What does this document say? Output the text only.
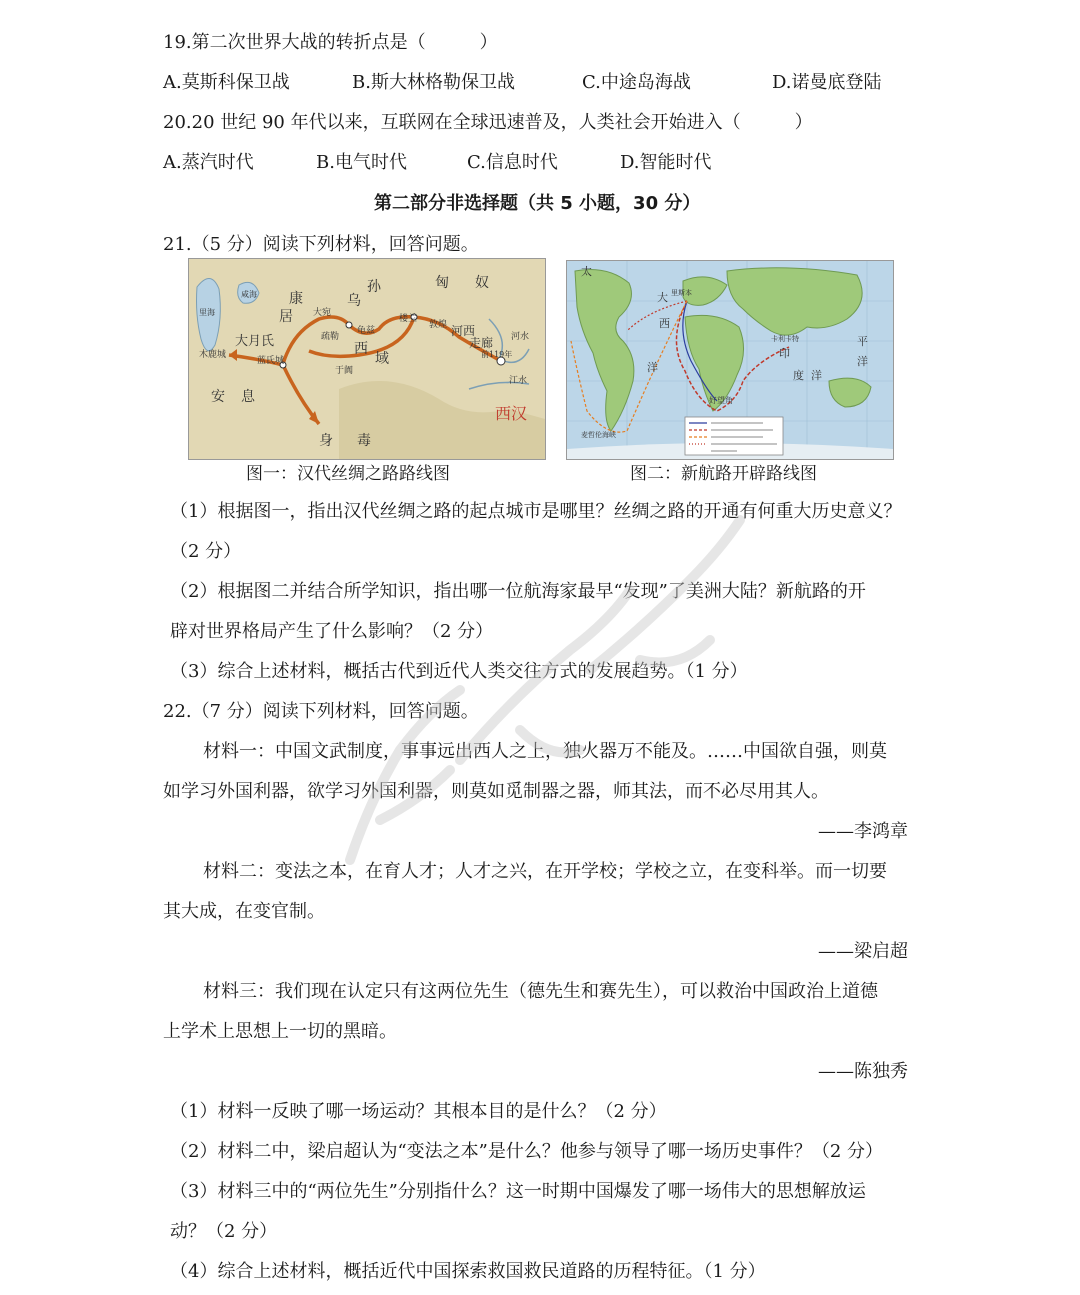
19.第二次世界大战的转折点是（　　　）
A.莫斯科保卫战	B.斯大林格勒保卫战	C.中途岛海战	D.诺曼底登陆
20.20 世纪 90 年代以来，互联网在全球迅速普及，人类社会开始进入（　　　）
A.蒸汽时代	B.电气时代	C.信息时代	D.智能时代
第二部分非选择题（共 5 小题，30 分）
21.（5 分）阅读下列材料，回答问题。
匈 奴
康
居
乌
孙
大宛
大月氏
龟兹
疏勒
楼兰
敦煌 河西
走廊
西
域
于阗
蓝氏城
木鹿城
安 息
身 毒
西汉
前119年
江水
河水
咸海
里海
图一：汉代丝绸之路路线图
大
西
洋
印
度 洋
太
平
洋
好望角
卡利卡特
里斯本
麦哲伦海峡
图二：新航路开辟路线图
（1）根据图一，指出汉代丝绸之路的起点城市是哪里？丝绸之路的开通有何重大历史意义？
（2 分）
（2）根据图二并结合所学知识，指出哪一位航海家最早“发现”了美洲大陆？新航路的开
辟对世界格局产生了什么影响？（2 分）
（3）综合上述材料，概括古代到近代人类交往方式的发展趋势。（1 分）
22.（7 分）阅读下列材料，回答问题。
材料一：中国文武制度，事事远出西人之上，独火器万不能及。……中国欲自强，则莫
如学习外国利器，欲学习外国利器，则莫如觅制器之器，师其法，而不必尽用其人。
——李鸿章
材料二：变法之本，在育人才；人才之兴，在开学校；学校之立，在变科举。而一切要
其大成，在变官制。
——梁启超
材料三：我们现在认定只有这两位先生（德先生和赛先生），可以救治中国政治上道德
上学术上思想上一切的黑暗。
——陈独秀
（1）材料一反映了哪一场运动？其根本目的是什么？（2 分）
（2）材料二中，梁启超认为“变法之本”是什么？他参与领导了哪一场历史事件？（2 分）
（3）材料三中的“两位先生”分别指什么？这一时期中国爆发了哪一场伟大的思想解放运
动？（2 分）
（4）综合上述材料，概括近代中国探索救国救民道路的历程特征。（1 分）
